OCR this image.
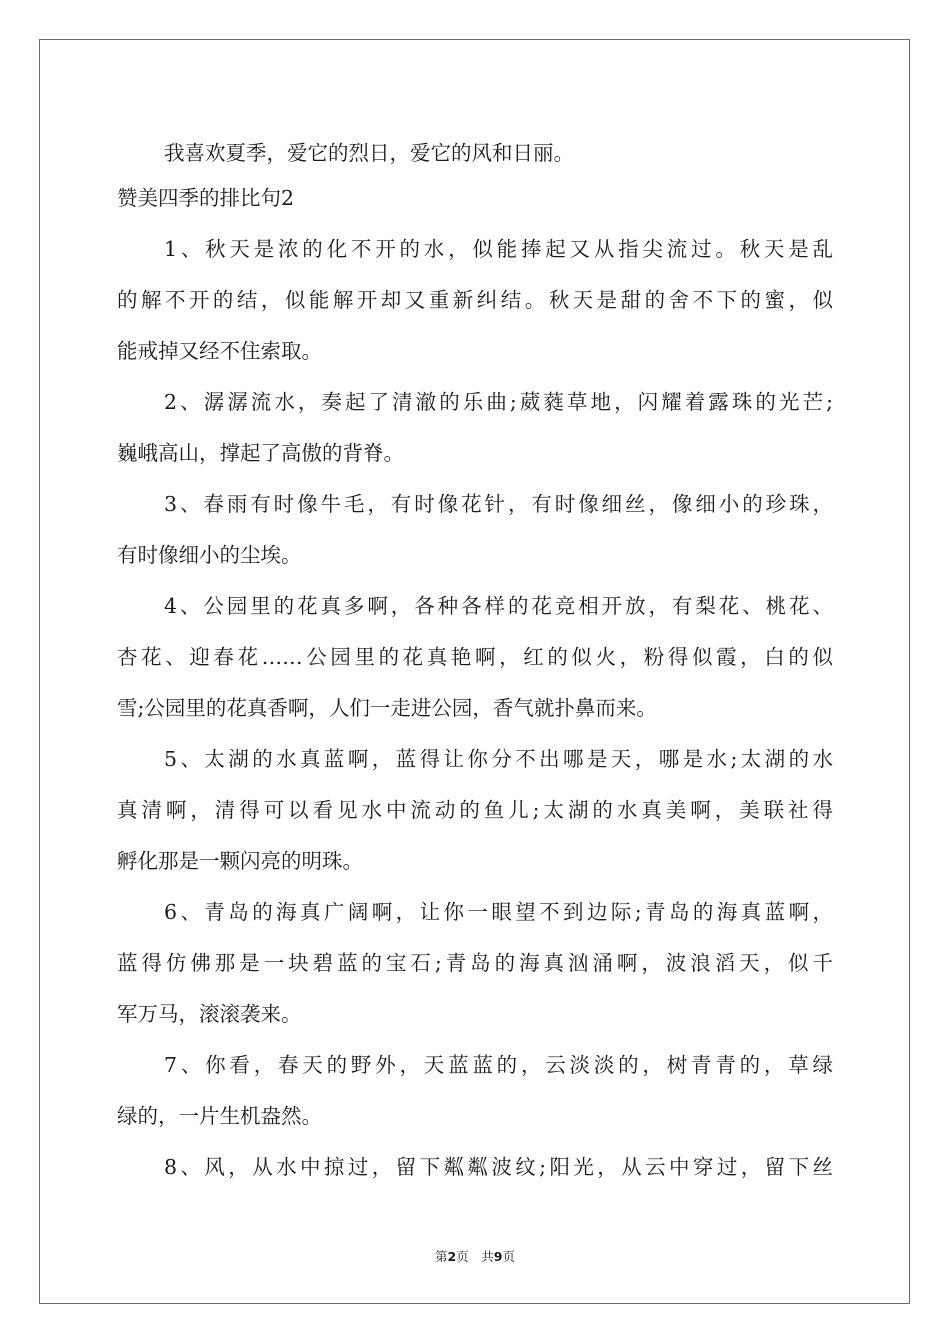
我喜欢夏季，爱它的烈日，爱它的风和日丽。
赞美四季的排比句2
1、秋天是浓的化不开的水，似能捧起又从指尖流过。秋天是乱
的解不开的结，似能解开却又重新纠结。秋天是甜的舍不下的蜜，似
能戒掉又经不住索取。
2、潺潺流水，奏起了清澈的乐曲;葳蕤草地，闪耀着露珠的光芒;
巍峨高山，撑起了高傲的背脊。
3、春雨有时像牛毛，有时像花针，有时像细丝，像细小的珍珠，
有时像细小的尘埃。
4、公园里的花真多啊，各种各样的花竞相开放，有梨花、桃花、
杏花、迎春花……公园里的花真艳啊，红的似火，粉得似霞，白的似
雪;公园里的花真香啊，人们一走进公园，香气就扑鼻而来。
5、太湖的水真蓝啊，蓝得让你分不出哪是天，哪是水;太湖的水
真清啊，清得可以看见水中流动的鱼儿;太湖的水真美啊，美联社得
孵化那是一颗闪亮的明珠。
6、青岛的海真广阔啊，让你一眼望不到边际;青岛的海真蓝啊，
蓝得仿佛那是一块碧蓝的宝石;青岛的海真汹涌啊，波浪滔天，似千
军万马，滚滚袭来。
7、你看，春天的野外，天蓝蓝的，云淡淡的，树青青的，草绿
绿的，一片生机盎然。
8、风，从水中掠过，留下粼粼波纹;阳光，从云中穿过，留下丝
第2页　共9页
